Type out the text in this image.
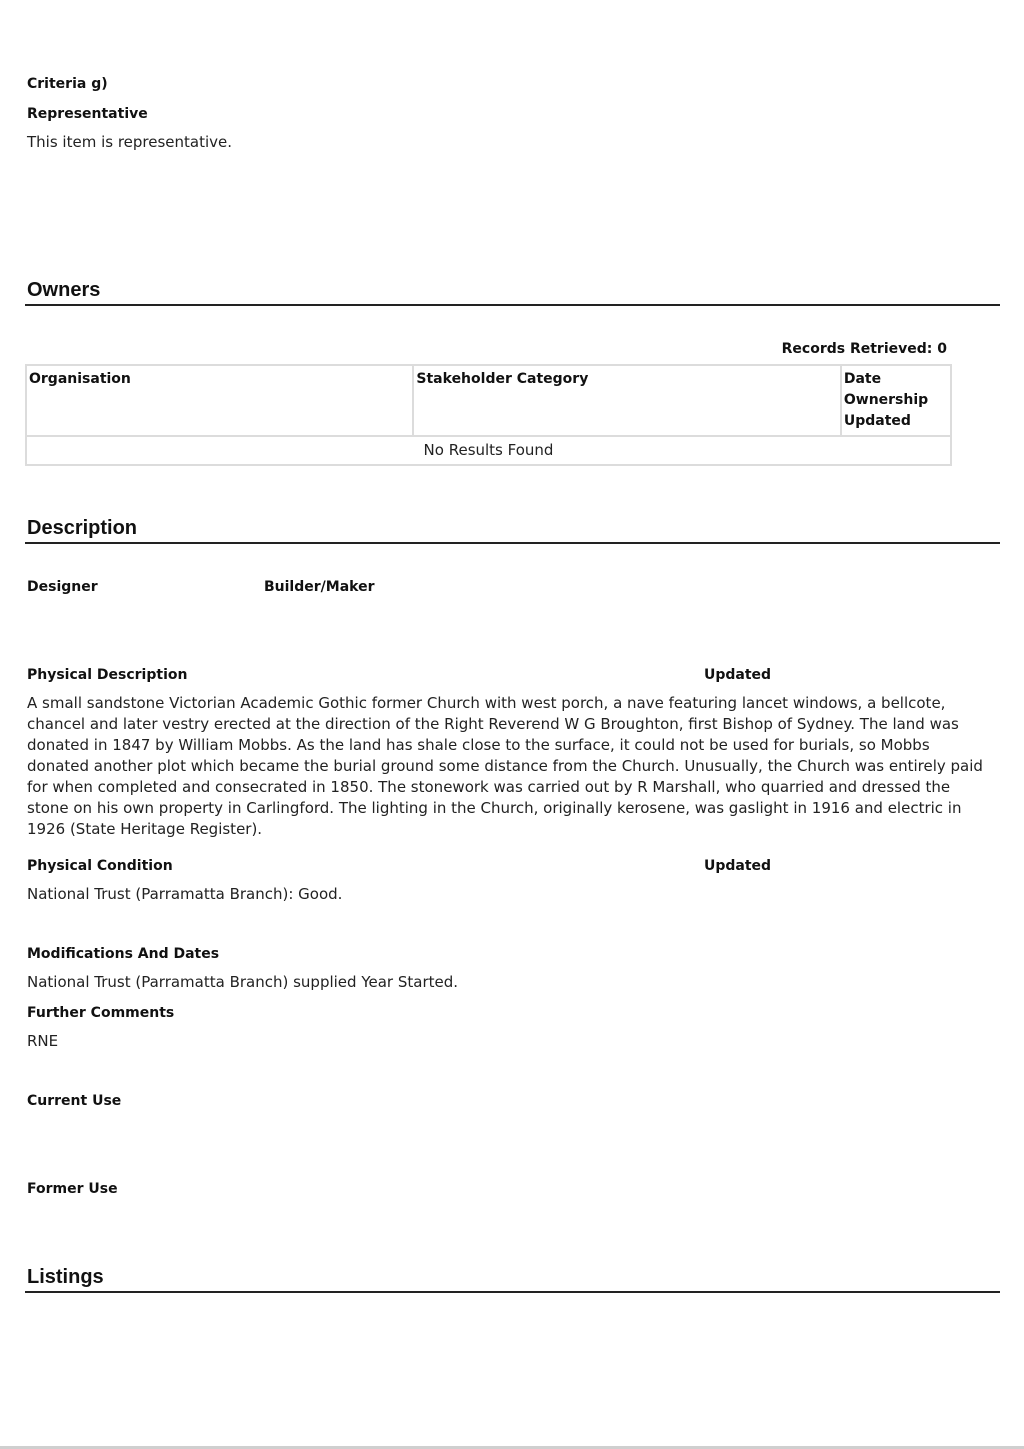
Criteria g)
Representative
This item is representative.
Owners
Records Retrieved: 0
Organisation	Stakeholder Category	Date Ownership Updated
No Results Found
Description
Designer	Builder/Maker
Physical Description	Updated
A small sandstone Victorian Academic Gothic former Church with west porch, a nave featuring lancet windows, a bellcote, chancel and later vestry erected at the direction of the Right Reverend W G Broughton, first Bishop of Sydney. The land was donated in 1847 by William Mobbs. As the land has shale close to the surface, it could not be used for burials, so Mobbs donated another plot which became the burial ground some distance from the Church. Unusually, the Church was entirely paid for when completed and consecrated in 1850. The stonework was carried out by R Marshall, who quarried and dressed the stone on his own property in Carlingford. The lighting in the Church, originally kerosene, was gaslight in 1916 and electric in 1926 (State Heritage Register).
Physical Condition	Updated
National Trust (Parramatta Branch): Good.
Modifications And Dates
National Trust (Parramatta Branch) supplied Year Started.
Further Comments
RNE
Current Use
Former Use
Listings
